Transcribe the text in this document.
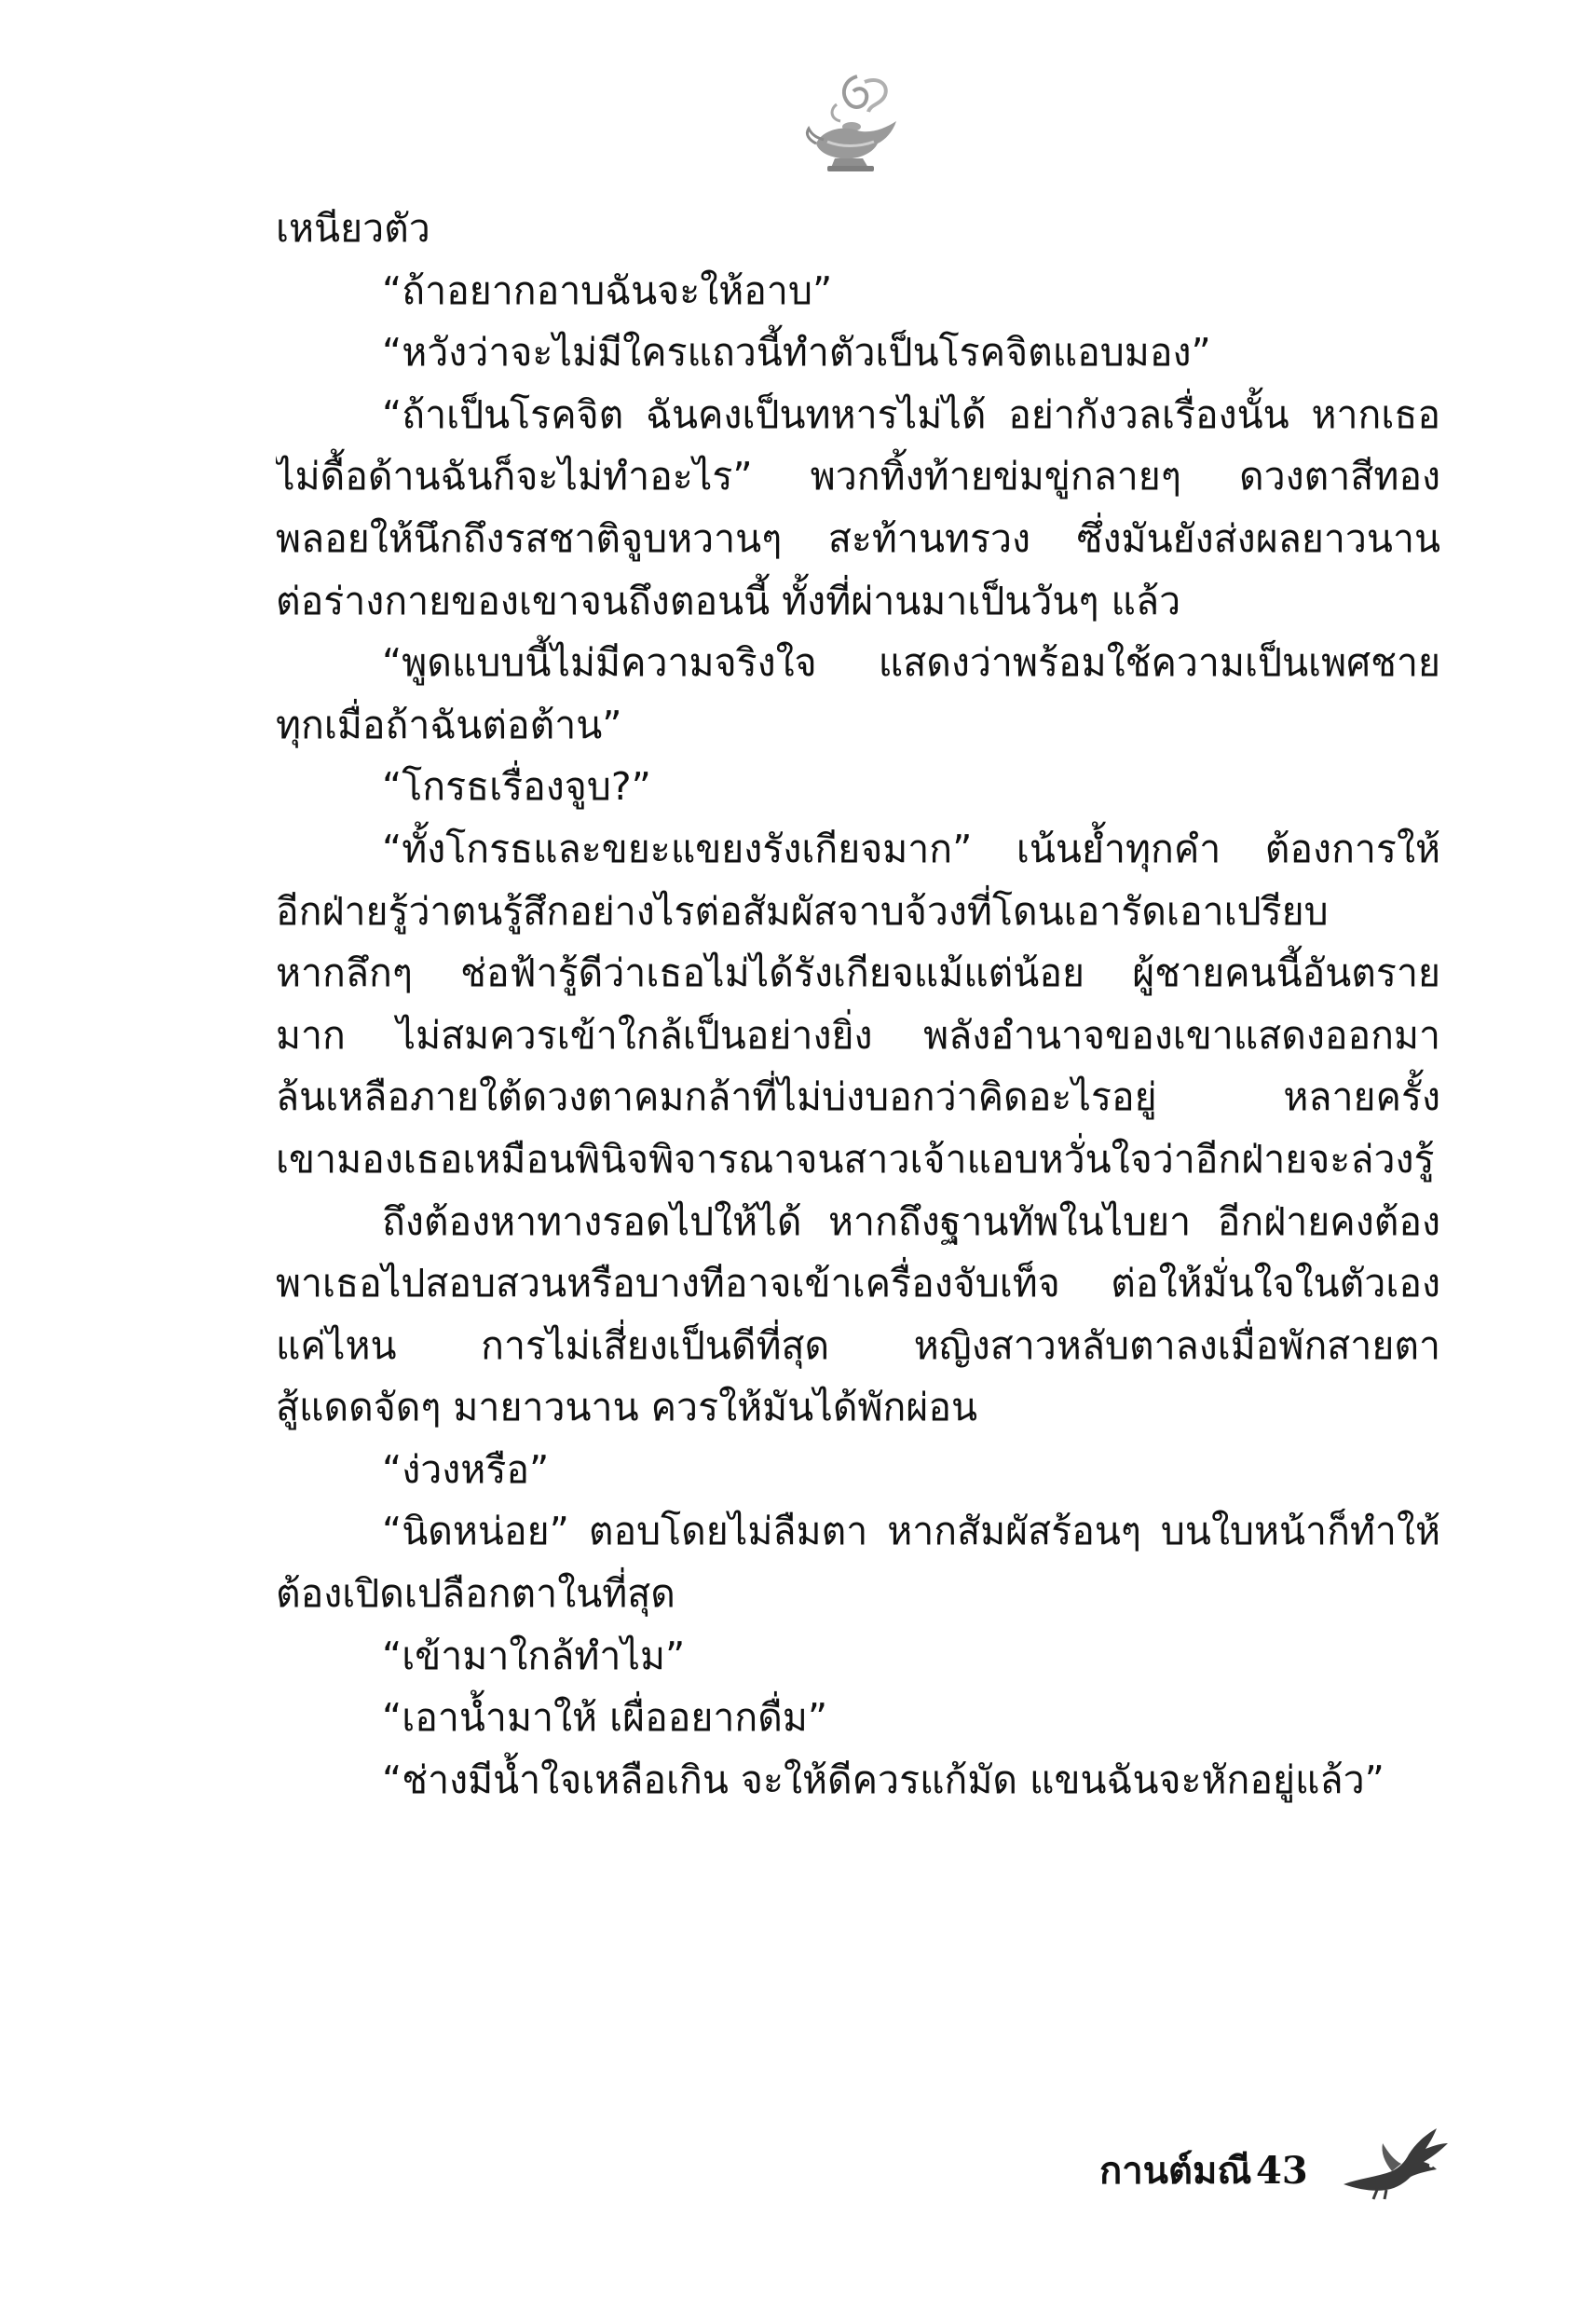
เหนียวตัว
“ถ้าอยากอาบฉันจะให้อาบ”
“หวังว่าจะไม่มีใครแถวนี้ทำตัวเป็นโรคจิตแอบมอง”
“ถ้าเป็นโรคจิต ฉันคงเป็นทหารไม่ได้ อย่ากังวลเรื่องนั้น หากเธอ
ไม่ดื้อด้านฉันก็จะไม่ทำอะไร” พวกทิ้งท้ายข่มขู่กลายๆ ดวงตาสีทอง
พลอยให้นึกถึงรสชาติจูบหวานๆ สะท้านทรวง ซึ่งมันยังส่งผลยาวนาน
ต่อร่างกายของเขาจนถึงตอนนี้ ทั้งที่ผ่านมาเป็นวันๆ แล้ว
“พูดแบบนี้ไม่มีความจริงใจ แสดงว่าพร้อมใช้ความเป็นเพศชาย
ทุกเมื่อถ้าฉันต่อต้าน”
“โกรธเรื่องจูบ?”
“ทั้งโกรธและขยะแขยงรังเกียจมาก” เน้นย้ำทุกคำ ต้องการให้
อีกฝ่ายรู้ว่าตนรู้สึกอย่างไรต่อสัมผัสจาบจ้วงที่โดนเอารัดเอาเปรียบ
หากลึกๆ ช่อฟ้ารู้ดีว่าเธอไม่ได้รังเกียจแม้แต่น้อย ผู้ชายคนนี้อันตราย
มาก ไม่สมควรเข้าใกล้เป็นอย่างยิ่ง พลังอำนาจของเขาแสดงออกมา
ล้นเหลือภายใต้ดวงตาคมกล้าที่ไม่บ่งบอกว่าคิดอะไรอยู่ หลายครั้ง
เขามองเธอเหมือนพินิจพิจารณาจนสาวเจ้าแอบหวั่นใจว่าอีกฝ่ายจะล่วงรู้
ถึงต้องหาทางรอดไปให้ได้ หากถึงฐานทัพในไบยา อีกฝ่ายคงต้อง
พาเธอไปสอบสวนหรือบางทีอาจเข้าเครื่องจับเท็จ ต่อให้มั่นใจในตัวเอง
แค่ไหน การไม่เสี่ยงเป็นดีที่สุด หญิงสาวหลับตาลงเมื่อพักสายตา
สู้แดดจัดๆ มายาวนาน ควรให้มันได้พักผ่อน
“ง่วงหรือ”
“นิดหน่อย” ตอบโดยไม่ลืมตา หากสัมผัสร้อนๆ บนใบหน้าก็ทำให้
ต้องเปิดเปลือกตาในที่สุด
“เข้ามาใกล้ทำไม”
“เอาน้ำมาให้ เผื่ออยากดื่ม”
“ช่างมีน้ำใจเหลือเกิน จะให้ดีควรแก้มัด แขนฉันจะหักอยู่แล้ว”
กานต์มณี 43
